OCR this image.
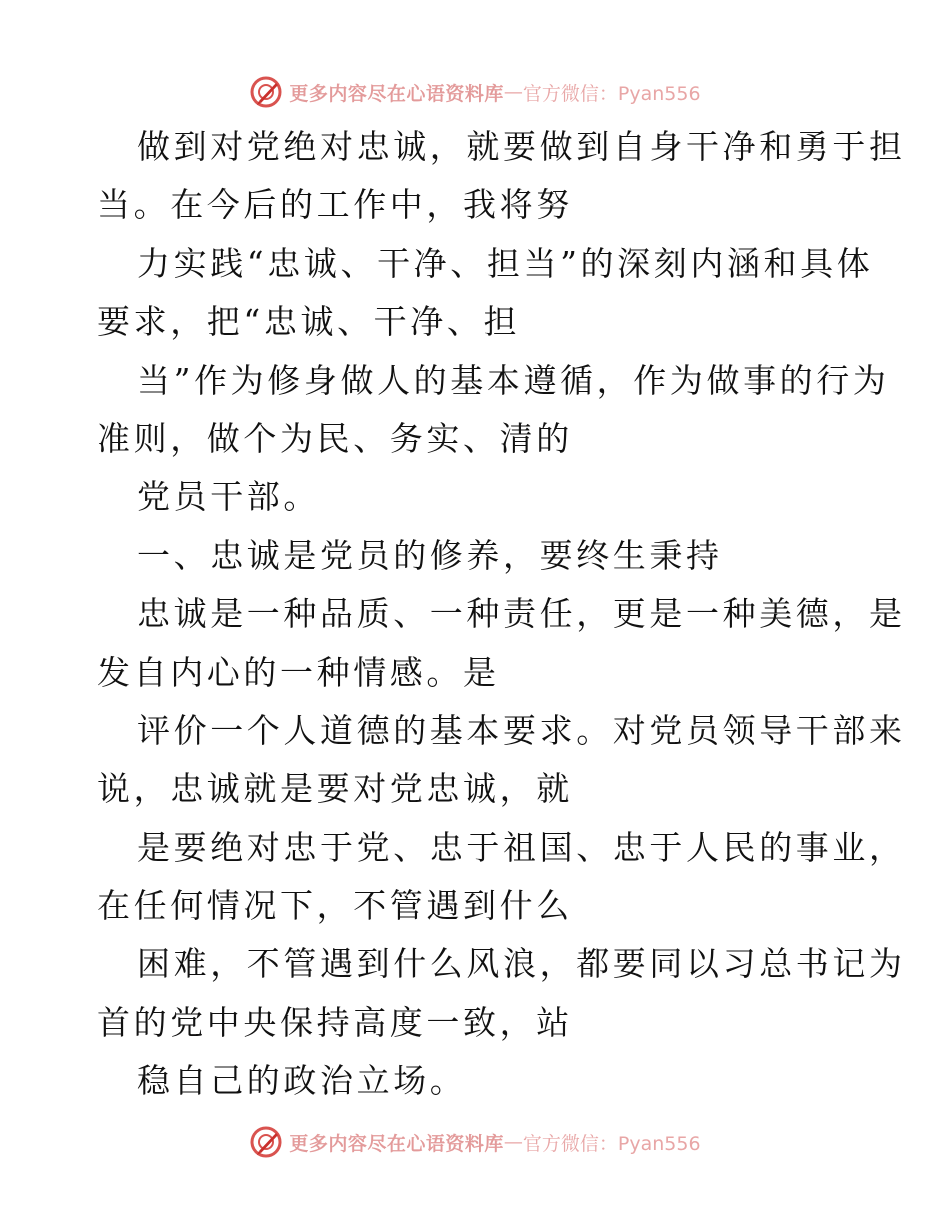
更多内容尽在心语资料库 — 官方微信：Pyan556
做到对党绝对忠诚，就要做到自身干净和勇于担
当。在今后的工作中，我将努
力实践“忠诚、干净、担当”的深刻内涵和具体
要求，把“忠诚、干净、担
当”作为修身做人的基本遵循，作为做事的行为
准则，做个为民、务实、清的
党员干部。
一、忠诚是党员的修养，要终生秉持
忠诚是一种品质、一种责任，更是一种美德，是
发自内心的一种情感。是
评价一个人道德的基本要求。对党员领导干部来
说，忠诚就是要对党忠诚，就
是要绝对忠于党、忠于祖国、忠于人民的事业，
在任何情况下，不管遇到什么
困难，不管遇到什么风浪，都要同以习总书记为
首的党中央保持高度一致，站
稳自己的政治立场。
更多内容尽在心语资料库 — 官方微信：Pyan556
